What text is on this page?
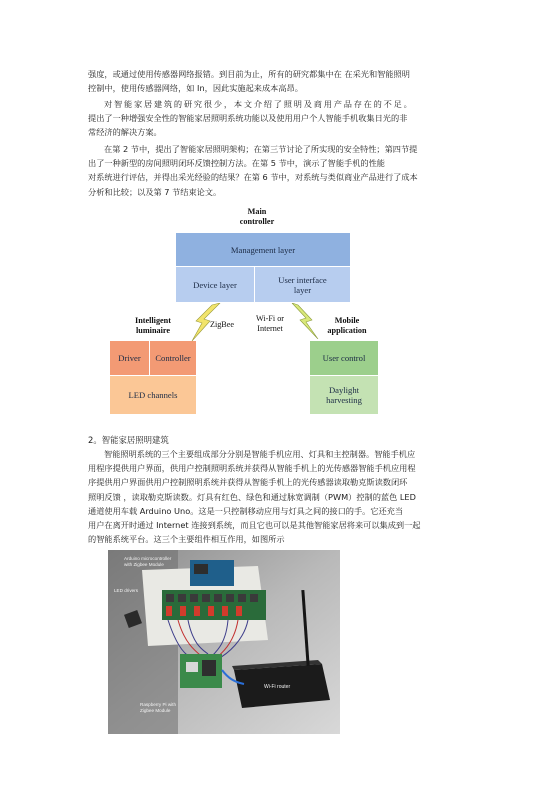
强度，或通过使用传感器网络报错。到目前为止，所有的研究都集中在 在采光和智能照明
控制中，使用传感器网络，如 In，因此实施起来成本高昂。
对智能家居建筑的研究很少，本文介绍了照明及商用产品存在的不足。
提出了一种增强安全性的智能家居照明系统功能以及使用用户个人智能手机收集日光的非
常经济的解决方案。
在第 2 节中，提出了智能家居照明架构；在第三节讨论了所实现的安全特性；第四节提
出了一种新型的房间照明闭环反馈控制方法。在第 5 节中，演示了智能手机的性能
对系统进行评估，并得出采光经验的结果？在第 6 节中，对系统与类似商业产品进行了成本
分析和比较；以及第 7 节结束论文。
Main
controller
Management layer
Device layer	User interface
layer
Intelligent
luminaire
ZigBee
Wi-Fi or
Internet
Mobile
application
Driver	Controller
LED channels
User control
Daylight
harvesting
2。智能家居照明建筑
智能照明系统的三个主要组成部分分别是智能手机应用、灯具和主控制器。智能手机应
用程序提供用户界面，供用户控制照明系统并获得从智能手机上的光传感器智能手机应用程
序提供用户界面供用户控制照明系统并获得从智能手机上的光传感器读取勒克斯读数闭环
照明反馈 ，读取勒克斯读数。灯具有红色、绿色和通过脉宽调制（PWM）控制的蓝色 LED
通道使用车载 Arduino Uno。这是一只控制移动应用与灯具之间的接口的手。它还充当
用户在离开时通过 Internet 连接到系统，而且它也可以是其他智能家居将来可以集成到一起
的智能系统平台。这三个主要组件相互作用，如图所示
Arduino microcontroller
with Zigbee Module
LED drivers
Raspberry Pi with
Zigbee Module
Wi-Fi router
